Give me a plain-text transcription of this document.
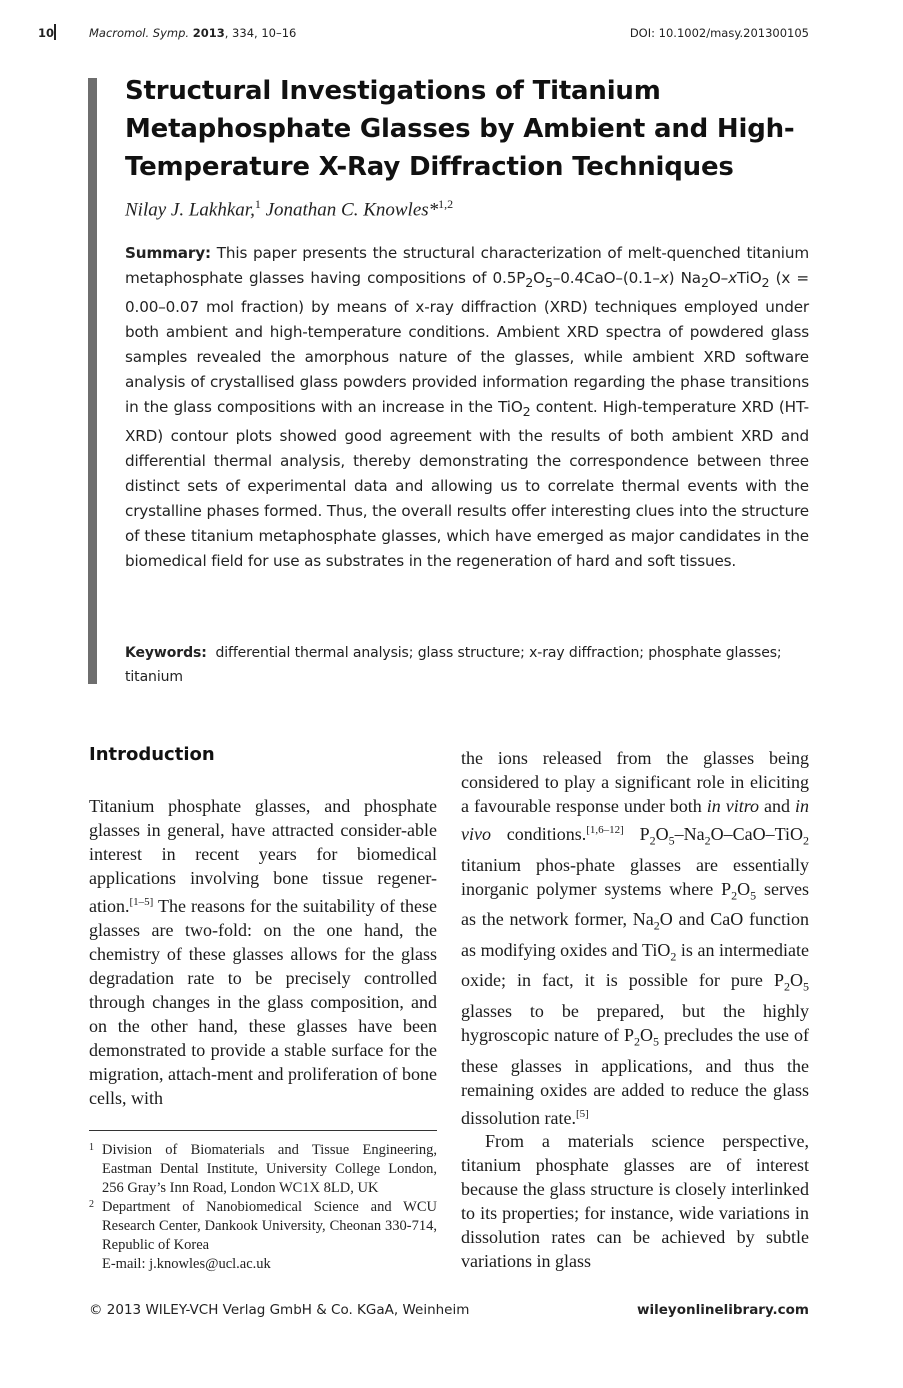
10	Macromol. Symp. 2013, 334, 10–16	DOI: 10.1002/masy.201300105
Structural Investigations of Titanium Metaphosphate Glasses by Ambient and High-Temperature X-Ray Diffraction Techniques
Nilay J. Lakhkar,$^1$ Jonathan C. Knowles*$^{1,2}$

Summary: This paper presents the structural characterization of melt-quenched titanium metaphosphate glasses having compositions of $0.5P_2O_5-0.4CaO-(0.1-x)$ $Na_2O-xTiO_2$ (x = 0.00–0.07 mol fraction) by means of x-ray diffraction (XRD) techniques employed under both ambient and high-temperature conditions. Ambient XRD spectra of powdered glass samples revealed the amorphous nature of the glasses, while ambient XRD software analysis of crystallised glass powders provided information regarding the phase transitions in the glass compositions with an increase in the TiO$_2$ content. High-temperature XRD (HT-XRD) contour plots showed good agreement with the results of both ambient XRD and differential thermal analysis, thereby demonstrating the correspondence between three distinct sets of experimental data and allowing us to correlate thermal events with the crystalline phases formed. Thus, the overall results offer interesting clues into the structure of these titanium metaphosphate glasses, which have emerged as major candidates in the biomedical field for use as substrates in the regeneration of hard and soft tissues.

Keywords: differential thermal analysis; glass structure; x-ray diffraction; phosphate glasses; titanium

Introduction

Titanium phosphate glasses, and phosphate glasses in general, have attracted consider-able interest in recent years for biomedical applications involving bone tissue regener-ation.[1–5] The reasons for the suitability of these glasses are two-fold: on the one hand, the chemistry of these glasses allows for the glass degradation rate to be precisely controlled through changes in the glass composition, and on the other hand, these glasses have been demonstrated to provide a stable surface for the migration, attach-ment and proliferation of bone cells, with

the ions released from the glasses being considered to play a significant role in eliciting a favourable response under both in vitro and in vivo conditions.[1,6–12] $P_2O_5-Na_2O-CaO-TiO_2$ titanium phos-phate glasses are essentially inorganic polymer systems where $P_2O_5$ serves as the network former, $Na_2O$ and CaO function as modifying oxides and TiO$_2$ is an intermediate oxide; in fact, it is possible for pure $P_2O_5$ glasses to be prepared, but the highly hygroscopic nature of $P_2O_5$ precludes the use of these glasses in applications, and thus the remaining oxides are added to reduce the glass dissolution rate.[5]

From a materials science perspective, titanium phosphate glasses are of interest because the glass structure is closely interlinked to its properties; for instance, wide variations in dissolution rates can be achieved by subtle variations in glass

1 Division of Biomaterials and Tissue Engineering, Eastman Dental Institute, University College London, 256 Gray’s Inn Road, London WC1X 8LD, UK
2 Department of Nanobiomedical Science and WCU Research Center, Dankook University, Cheonan 330-714, Republic of Korea
E-mail: j.knowles@ucl.ac.uk
© 2013 WILEY-VCH Verlag GmbH & Co. KGaA, Weinheim	wileyonlinelibrary.com
